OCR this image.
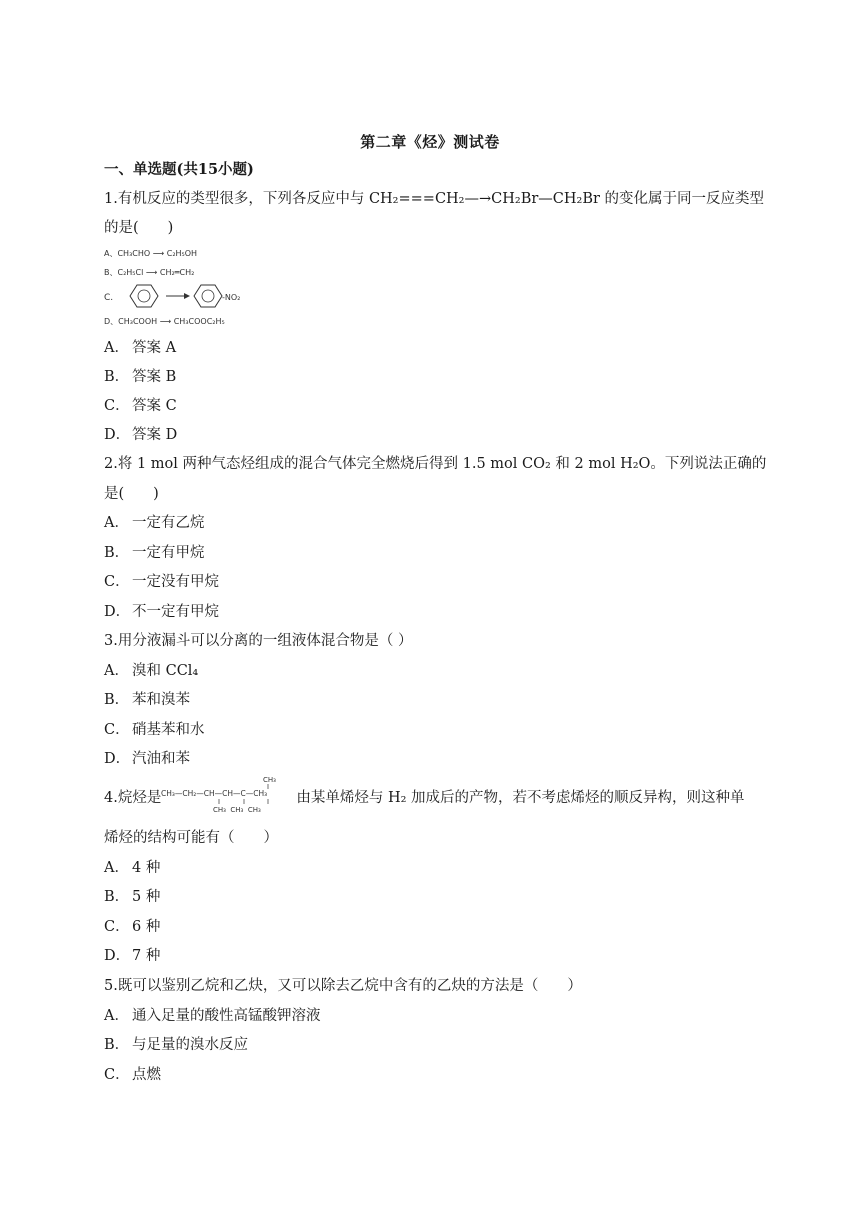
第二章《烃》测试卷
一、单选题(共15小题)
1.有机反应的类型很多，下列各反应中与 CH₂===CH₂—→CH₂Br—CH₂Br 的变化属于同一反应类型
的是(　　)
A、CH₃CHO ⟶ C₂H₅OH
B、C₂H₅Cl ⟶ CH₂═CH₂
C.	-NO₂
D、CH₃COOH ⟶ CH₃COOC₂H₅
A． 答案 A
B． 答案 B
C． 答案 C
D． 答案 D
2.将 1 mol 两种气态烃组成的混合气体完全燃烧后得到 1.5 mol CO₂ 和 2 mol H₂O。下列说法正确的
是(　　)
A． 一定有乙烷
B． 一定有甲烷
C． 一定没有甲烷
D． 不一定有甲烷
3.用分液漏斗可以分离的一组液体混合物是（ ）
A． 溴和 CCl₄
B． 苯和溴苯
C． 硝基苯和水
D． 汽油和苯
4.烷烃是
CH₃
CH₃—CH₂—CH—CH—C—CH₃
CH₃  CH₃  CH₃
由某单烯烃与 H₂ 加成后的产物，若不考虑烯烃的顺反异构，则这种单
烯烃的结构可能有（　　）
A． 4 种
B． 5 种
C． 6 种
D． 7 种
5.既可以鉴别乙烷和乙炔，又可以除去乙烷中含有的乙炔的方法是（　　）
A． 通入足量的酸性高锰酸钾溶液
B． 与足量的溴水反应
C． 点燃
